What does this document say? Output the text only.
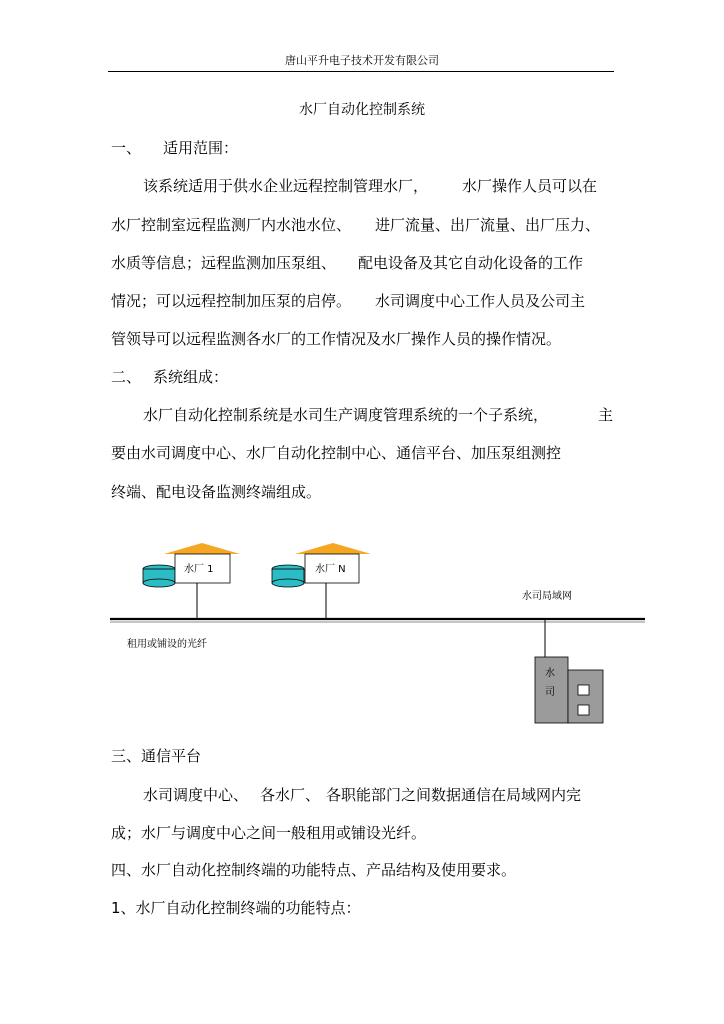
唐山平升电子技术开发有限公司
水厂自动化控制系统
一、 适用范围：
该系统适用于供水企业远程控制管理水厂， 水厂操作人员可以在
水厂控制室远程监测厂内水池水位、 进厂流量、出厂流量、出厂压力、
水质等信息；远程监测加压泵组、 配电设备及其它自动化设备的工作
情况；可以远程控制加压泵的启停。 水司调度中心工作人员及公司主
管领导可以远程监测各水厂的工作情况及水厂操作人员的操作情况。
二、 系统组成：
水厂自动化控制系统是水司生产调度管理系统的一个子系统，	主
要由水司调度中心、水厂自动化控制中心、通信平台、加压泵组测控
终端、配电设备监测终端组成。
水厂 1	水厂 N
水司局域网
租用或铺设的光纤
水
司
三、通信平台
水司调度中心、 各水厂、 各职能部门之间数据通信在局域网内完
成；水厂与调度中心之间一般租用或铺设光纤。
四、水厂自动化控制终端的功能特点、产品结构及使用要求。
1、水厂自动化控制终端的功能特点：
